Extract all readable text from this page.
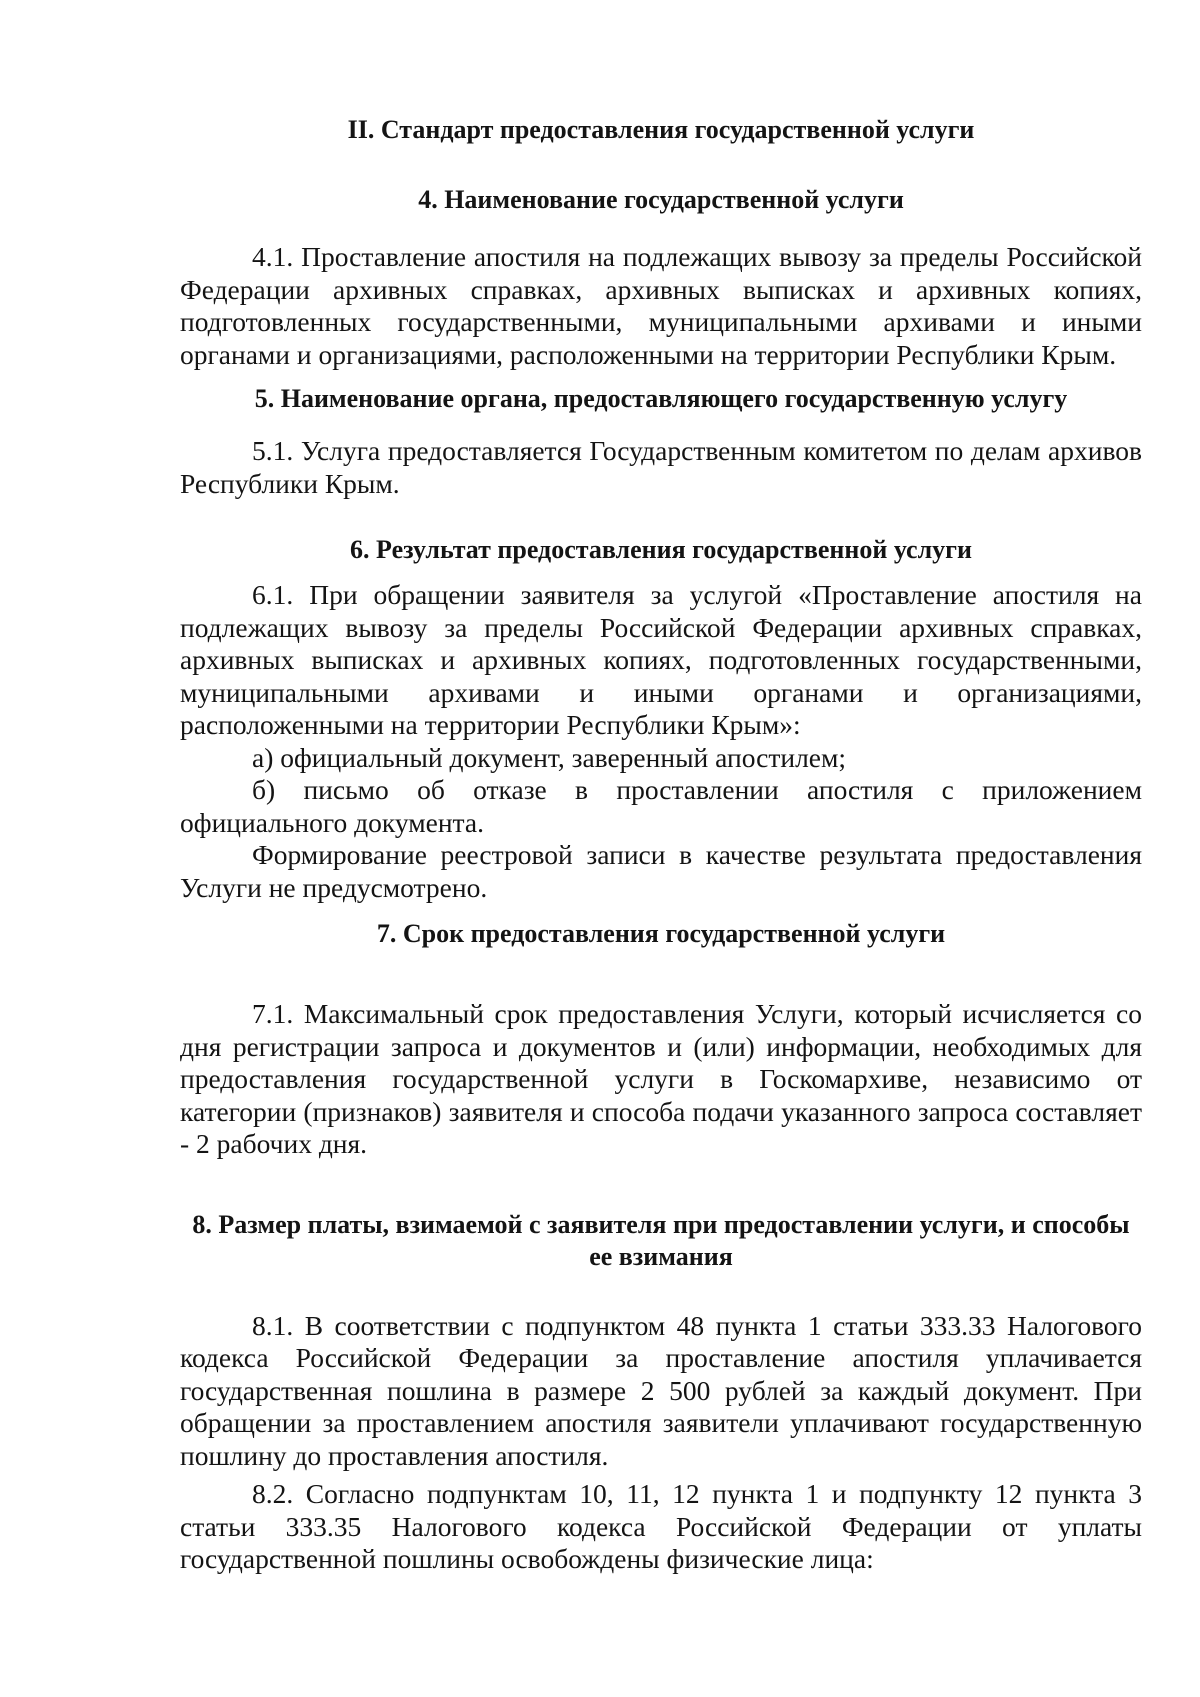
II. Стандарт предоставления государственной услуги
4. Наименование государственной услуги

4.1. Проставление апостиля на подлежащих вывозу за пределы Российской Федерации архивных справках, архивных выписках и архивных копиях, подготовленных государственными, муниципальными архивами и иными органами и организациями, расположенными на территории Республики Крым.

5. Наименование органа, предоставляющего государственную услугу

5.1. Услуга предоставляется Государственным комитетом по делам архивов Республики Крым.

6. Результат предоставления государственной услуги

6.1. При обращении заявителя за услугой «Проставление апостиля на подлежащих вывозу за пределы Российской Федерации архивных справках, архивных выписках и архивных копиях, подготовленных государственными, муниципальными архивами и иными органами и организациями, расположенными на территории Республики Крым»:

а) официальный документ, заверенный апостилем;

б) письмо об отказе в проставлении апостиля с приложением официального документа.

Формирование реестровой записи в качестве результата предоставления Услуги не предусмотрено.

7. Срок предоставления государственной услуги

7.1. Максимальный срок предоставления Услуги, который исчисляется со дня регистрации запроса и документов и (или) информации, необходимых для предоставления государственной услуги в Госкомархиве, независимо от категории (признаков) заявителя и способа подачи указанного запроса составляет - 2 рабочих дня.

8. Размер платы, взимаемой с заявителя при предоставлении услуги, и способы ее взимания

8.1. В соответствии с подпунктом 48 пункта 1 статьи 333.33 Налогового кодекса Российской Федерации за проставление апостиля уплачивается государственная пошлина в размере 2 500 рублей за каждый документ. При обращении за проставлением апостиля заявители уплачивают государственную пошлину до проставления апостиля.

8.2. Согласно подпунктам 10, 11, 12 пункта 1 и подпункту 12 пункта 3 статьи 333.35 Налогового кодекса Российской Федерации от уплаты государственной пошлины освобождены физические лица:
